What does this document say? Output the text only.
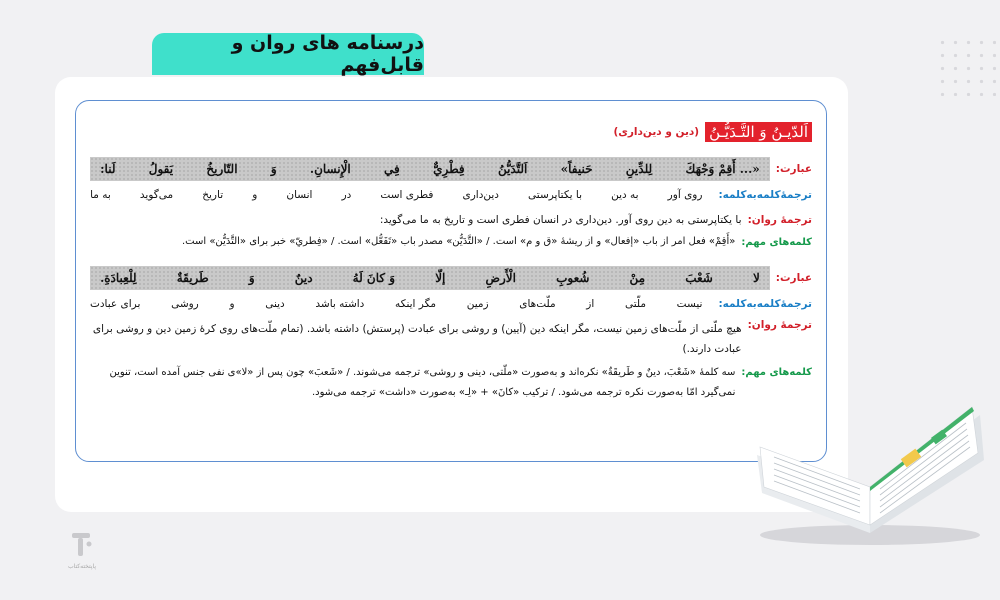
درسنامه های روان و قابل‌فهم
اَلدّيـنُ وَ التَّـدَيُّـنُ
(دین و دین‌داری)
عبارت:
«... أَقِمْ وَجْهَكَ
لِلدِّينِ
حَنيفاً»
اَلتَّدَيُّنُ
فِطْرِيٌّ
فِي
الْإِنسانِ.
وَ
التّاريخُ
يَقولُ
لَنا:
ترجمهٔ‌کلمه‌به‌کلمه:
روی آور
به دین
با یکتاپرستی
دین‌داری
فطری است
در
انسان
و
تاریخ
می‌گوید
به ما
ترجمهٔ روان:
با یکتاپرستی به دین روی آور. دین‌داری در انسان فطری است و تاریخ به ما می‌گوید:
کلمه‌های مهم:
«أَقِمْ» فعل امر از باب «إفعال» و از ریشهٔ «ق و م» است. / «التَّدَيُّن» مصدر باب «تَفَعُّل» است. / «فِطريّ» خبر برای «التَّدَيُّن» است.
عبارت:
لا
شَعْبَ
مِنْ
شُعوبِ
الْأَرضِ
إلّا
وَ كانَ لَهُ
دينٌ
وَ
طَريقَةٌ
لِلْعِبادَةِ.
ترجمهٔ‌کلمه‌به‌کلمه:
نیست
ملّتی
از
ملّت‌های
زمین
مگر اینکه
داشته باشد
دینی
و
روشی
برای عبادت
ترجمهٔ روان:
هیچ ملّتی از ملّت‌های زمین نیست، مگر اینکه دین (آیین) و روشی برای عبادت (پرستش) داشته باشد. (تمام ملّت‌های روی کرهٔ زمین دین و روشی برای عبادت دارند.)
کلمه‌های مهم:
سه کلمهٔ «شَعْبَ، دينٌ و طَريقَةٌ» نکره‌اند و به‌صورت «ملّتی، دینی و روشی» ترجمه می‌شوند. / «شَعبَ» چون پس از «لا»ی نفی جنس آمده است، تنوین نمی‌گیرد امّا به‌صورت نکره ترجمه می‌شود. / ترکیب «كانَ» + «لِـ» به‌صورت «داشت» ترجمه می‌شود.
پاپتخته‌کتاب
